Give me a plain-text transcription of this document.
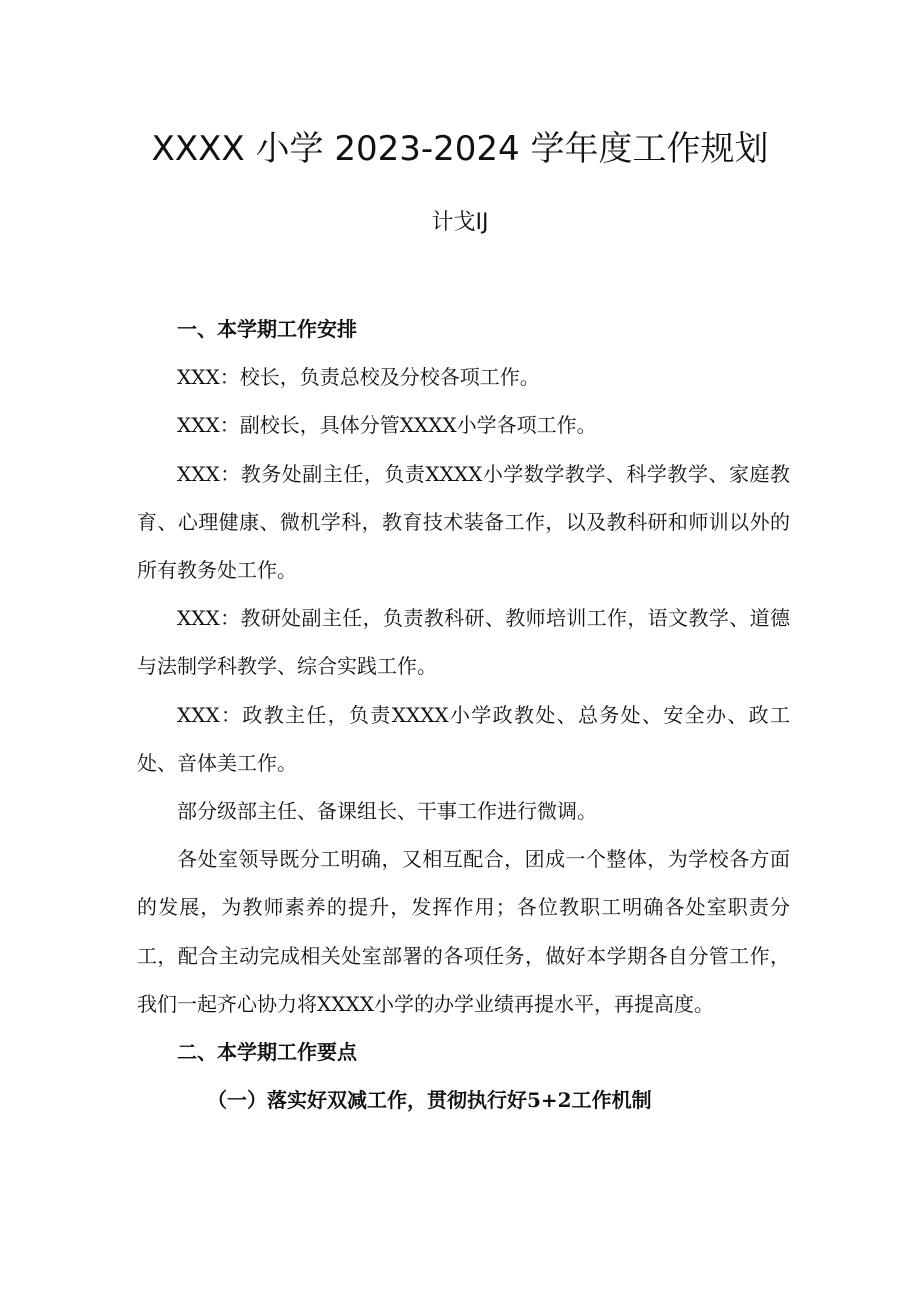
XXXX 小学 2023-2024 学年度工作规划
计戈IJ

一、本学期工作安排

XXX：校长，负责总校及分校各项工作。

XXX：副校长，具体分管XXXX小学各项工作。

XXX：教务处副主任，负责XXXX小学数学教学、科学教学、家庭教育、心理健康、微机学科，教育技术装备工作，以及教科研和师训以外的所有教务处工作。

XXX：教研处副主任，负责教科研、教师培训工作，语文教学、道德与法制学科教学、综合实践工作。

XXX：政教主任，负责XXXX小学政教处、总务处、安全办、政工处、音体美工作。

部分级部主任、备课组长、干事工作进行微调。

各处室领导既分工明确，又相互配合，团成一个整体，为学校各方面的发展，为教师素养的提升，发挥作用；各位教职工明确各处室职责分工，配合主动完成相关处室部署的各项任务，做好本学期各自分管工作，我们一起齐心协力将XXXX小学的办学业绩再提水平，再提高度。

二、本学期工作要点

（一）落实好双减工作，贯彻执行好5+2工作机制
